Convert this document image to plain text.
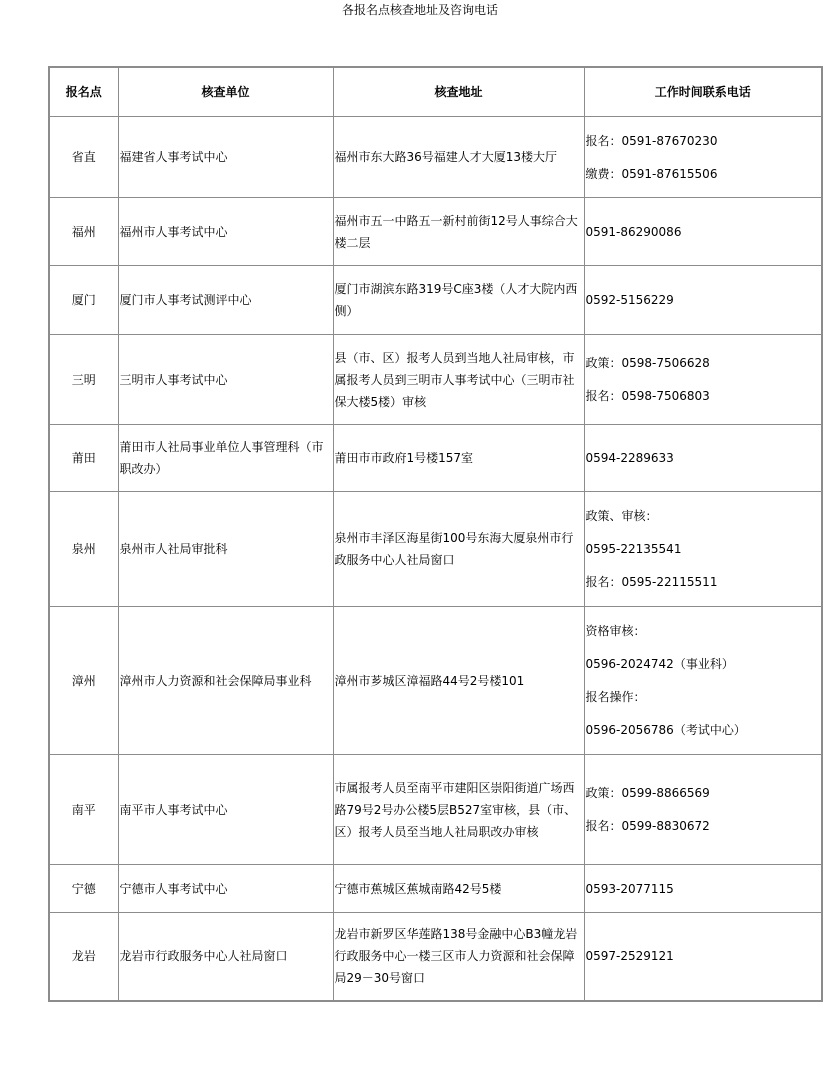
各报名点核查地址及咨询电话
报名点	核查单位	核查地址	工作时间联系电话
省直	福建省人事考试中心	福州市东大路36号福建人才大厦13楼大厅	报名：0591-87670230
缴费：0591-87615506

福州	福州市人事考试中心	福州市五一中路五一新村前街12号人事综合大楼二层	0591-86290086

厦门	厦门市人事考试测评中心	厦门市湖滨东路319号C座3楼（人才大院内西侧）	0592-5156229

三明	三明市人事考试中心	县（市、区）报考人员到当地人社局审核，市属报考人员到三明市人事考试中心（三明市社保大楼5楼）审核	政策：0598-7506628
报名：0598-7506803

莆田	莆田市人社局事业单位人事管理科（市职改办）	莆田市市政府1号楼157室	0594-2289633

泉州	泉州市人社局审批科	泉州市丰泽区海星街100号东海大厦泉州市行政服务中心人社局窗口	政策、审核：
0595-22135541
报名：0595-22115511

漳州	漳州市人力资源和社会保障局事业科	漳州市芗城区漳福路44号2号楼101	资格审核：
0596-2024742（事业科）
报名操作：
0596-2056786（考试中心）

南平	南平市人事考试中心	市属报考人员至南平市建阳区崇阳街道广场西路79号2号办公楼5层B527室审核，县（市、区）报考人员至当地人社局职改办审核	政策：0599-8866569
报名：0599-8830672

宁德	宁德市人事考试中心	宁德市蕉城区蕉城南路42号5楼	0593-2077115

龙岩	龙岩市行政服务中心人社局窗口	龙岩市新罗区华莲路138号金融中心B3幢龙岩行政服务中心一楼三区市人力资源和社会保障局29－30号窗口	0597-2529121
